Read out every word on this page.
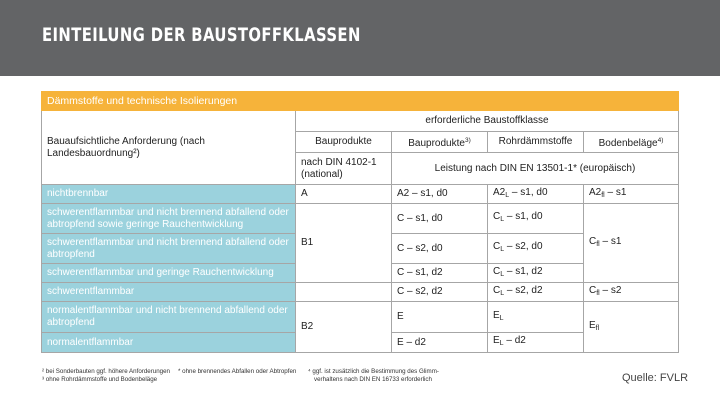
EINTEILUNG DER BAUSTOFFKLASSEN
Dämmstoffe und technische Isolierungen				
Bauaufsichtliche Anforderung (nach Landesbauordnung²)	erforderliche Baustoffklasse			
	Bauprodukte	Bauprodukte$^{3)}$	Rohrdämmstoffe	Bodenbeläge$^{4)}$
	nach DIN 4102-1 (national)	Leistung nach DIN EN 13501-1* (europäisch)		
nichtbrennbar	A	A2 – s1, d0	$A2_L - s1$, d0	$A2_{fl} - s1$
schwerentflammbar und nicht brennend abfallend oder abtropfend sowie geringe Rauchentwicklung	B1	C – s1, d0	$C_L - s1$, d0	$C_{fl} - s1$
schwerentflammbar und nicht brennend abfallend oder abtropfend		C – s2, d0	$C_L - s2$, d0	
schwerentflammbar und geringe Rauchentwicklung		C – s1, d2	$C_L - s1$, d2	
schwerentflammbar		C – s2, d2	$C_L - s2$, d2	$C_{fl} - s2$
normalentflammbar und nicht brennend abfallend oder abtropfend	B2	E	$E_L$	$E_{fl}$
normalentflammbar		E – d2	$E_L - d2$	
² bei Sonderbauten ggf. höhere Anforderungen * ohne brennendes Abfallen oder Abtropfen
³ ohne Rohrdämmstoffe und Bodenbeläge
⁴ ggf. ist zusätzlich die Bestimmung des Glimm-
verhaltens nach DIN EN 16733 erforderlich	Quelle: FVLR
